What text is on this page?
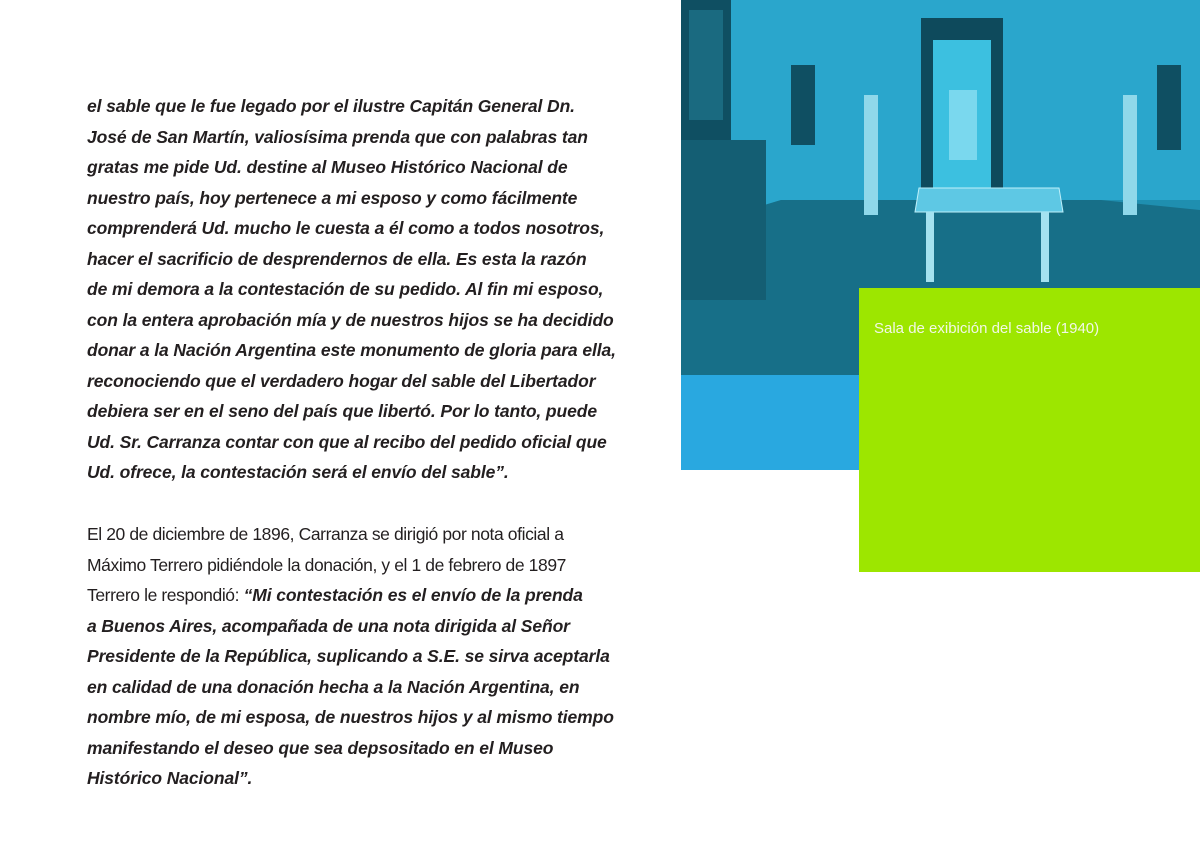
el sable que le fue legado por el ilustre Capitán General Dn.
José de San Martín, valiosísima prenda que con palabras tan
gratas me pide Ud. destine al Museo Histórico Nacional de
nuestro país, hoy pertenece a mi esposo y como fácilmente
comprenderá Ud. mucho le cuesta a él como a todos nosotros,
hacer el sacrificio de desprendernos de ella. Es esta la razón
de mi demora a la contestación de su pedido. Al fin mi esposo,
con la entera aprobación mía y de nuestros hijos se ha decidido
donar a la Nación Argentina este monumento de gloria para ella,
reconociendo que el verdadero hogar del sable del Libertador
debiera ser en el seno del país que libertó. Por lo tanto, puede
Ud. Sr. Carranza contar con que al recibo del pedido oficial que
Ud. ofrece, la contestación será el envío del sable”.
El 20 de diciembre de 1896, Carranza se dirigió por nota oficial a
Máximo Terrero pidiéndole la donación, y el 1 de febrero de 1897
Terrero le respondió: “Mi contestación es el envío de la prenda
a Buenos Aires, acompañada de una nota dirigida al Señor
Presidente de la República, suplicando a S.E. se sirva aceptarla
en calidad de una donación hecha a la Nación Argentina, en
nombre mío, de mi esposa, de nuestros hijos y al mismo tiempo
manifestando el deseo que sea depsositado en el Museo
Histórico Nacional”.
Sala de exibición del sable (1940)
